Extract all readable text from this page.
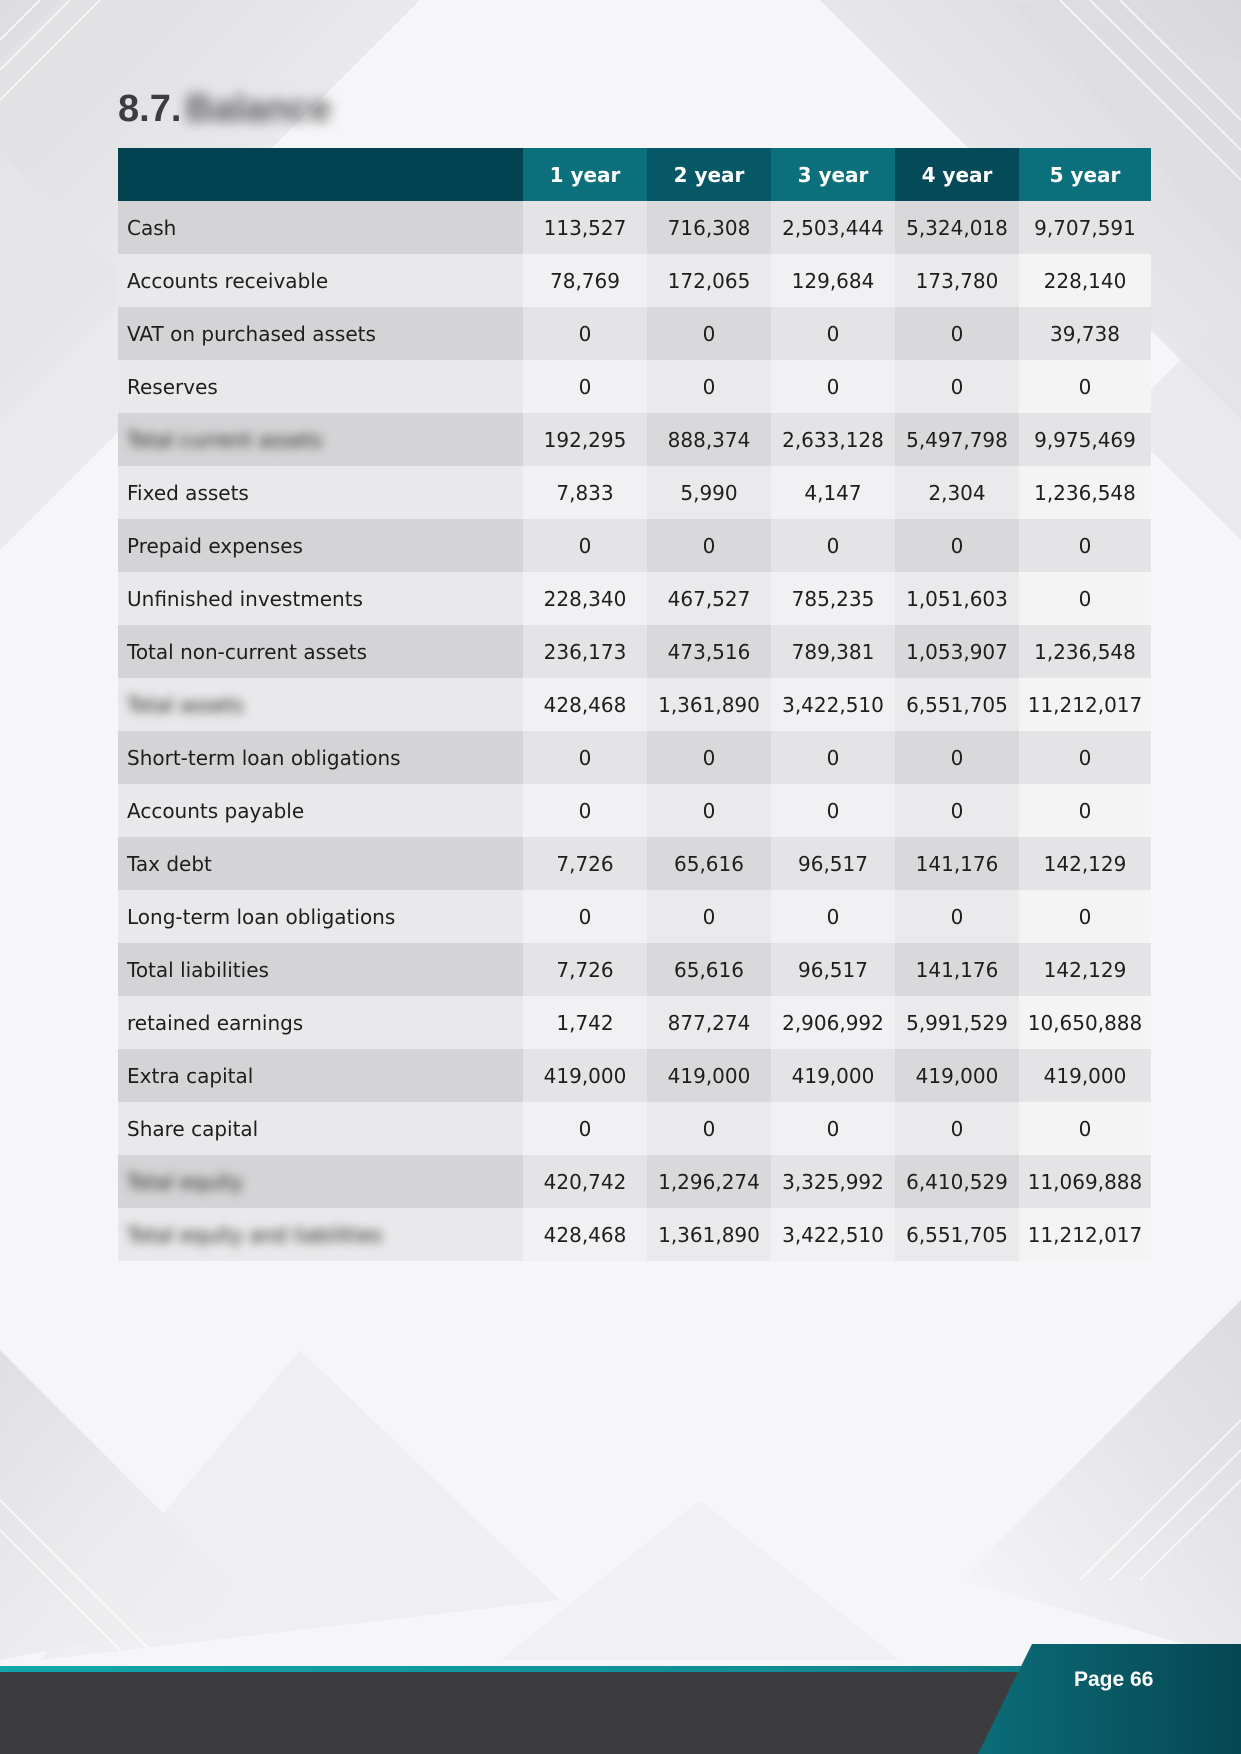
8.7. Balance
	1 year	2 year	3 year	4 year	5 year
Cash	113,527	716,308	2,503,444	5,324,018	9,707,591
Accounts receivable	78,769	172,065	129,684	173,780	228,140
VAT on purchased assets	0	0	0	0	39,738
Reserves	0	0	0	0	0
Total current assets	192,295	888,374	2,633,128	5,497,798	9,975,469
Fixed assets	7,833	5,990	4,147	2,304	1,236,548
Prepaid expenses	0	0	0	0	0
Unfinished investments	228,340	467,527	785,235	1,051,603	0
Total non-current assets	236,173	473,516	789,381	1,053,907	1,236,548
Total assets	428,468	1,361,890	3,422,510	6,551,705	11,212,017
Short-term loan obligations	0	0	0	0	0
Accounts payable	0	0	0	0	0
Tax debt	7,726	65,616	96,517	141,176	142,129
Long-term loan obligations	0	0	0	0	0
Total liabilities	7,726	65,616	96,517	141,176	142,129
retained earnings	1,742	877,274	2,906,992	5,991,529	10,650,888
Extra capital	419,000	419,000	419,000	419,000	419,000
Share capital	0	0	0	0	0
Total equity	420,742	1,296,274	3,325,992	6,410,529	11,069,888
Total equity and liabilities	428,468	1,361,890	3,422,510	6,551,705	11,212,017
Page 66
